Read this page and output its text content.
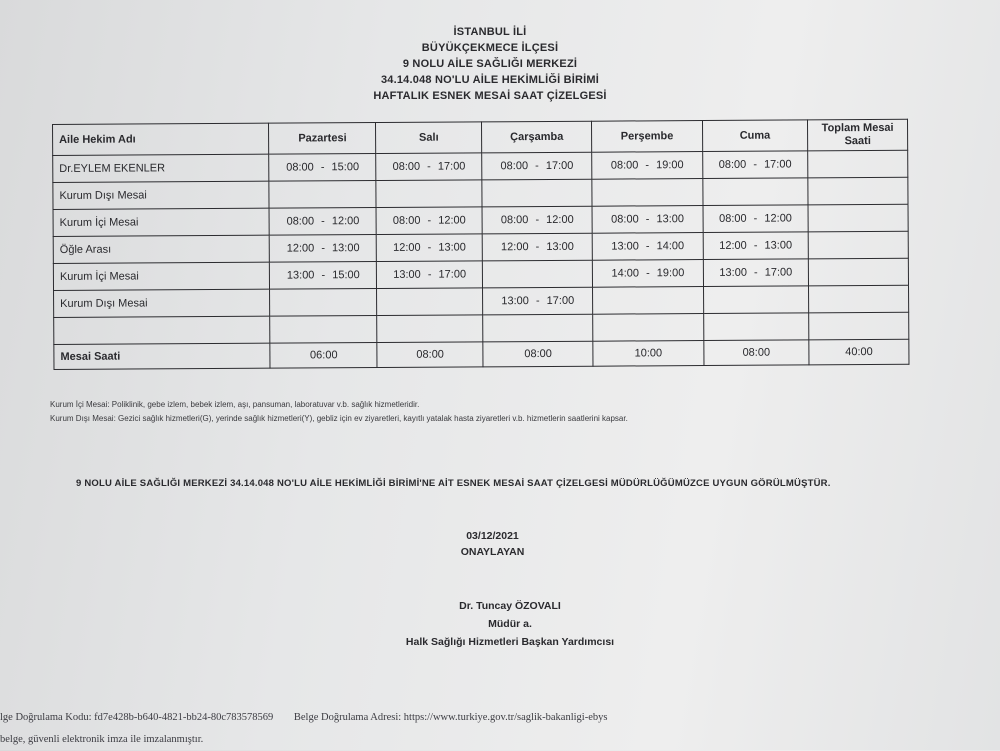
İSTANBUL İLİ
BÜYÜKÇEKMECE İLÇESİ
9 NOLU AİLE SAĞLIĞI MERKEZİ
34.14.048 NO'LU AİLE HEKİMLİĞİ BİRİMİ
HAFTALIK ESNEK MESAİ SAAT ÇİZELGESİ
Aile Hekim Adı	Pazartesi	Salı	Çarşamba	Perşembe	Cuma	Toplam Mesai Saati
Dr.EYLEM EKENLER	08:00 - 15:00	08:00 - 17:00	08:00 - 17:00	08:00 - 19:00	08:00 - 17:00	
Kurum Dışı Mesai						
Kurum İçi Mesai	08:00 - 12:00	08:00 - 12:00	08:00 - 12:00	08:00 - 13:00	08:00 - 12:00	
Öğle Arası	12:00 - 13:00	12:00 - 13:00	12:00 - 13:00	13:00 - 14:00	12:00 - 13:00	
Kurum İçi Mesai	13:00 - 15:00	13:00 - 17:00		14:00 - 19:00	13:00 - 17:00	
Kurum Dışı Mesai			13:00 - 17:00			

Mesai Saati	06:00	08:00	08:00	10:00	08:00	40:00
Kurum İçi Mesai: Poliklinik, gebe izlem, bebek izlem, aşı, pansuman, laboratuvar v.b. sağlık hizmetleridir.
Kurum Dışı Mesai: Gezici sağlık hizmetleri(G), yerinde sağlık hizmetleri(Y), gebliz için ev ziyaretleri, kayıtlı yatalak hasta ziyaretleri v.b. hizmetlerin saatlerini kapsar.
9 NOLU AİLE SAĞLIĞI MERKEZİ 34.14.048 NO'LU AİLE HEKİMLİĞİ BİRİMİ'NE AİT ESNEK MESAİ SAAT ÇİZELGESİ MÜDÜRLÜĞÜMÜZCE UYGUN GÖRÜLMÜŞTÜR.
03/12/2021
ONAYLAYAN
Dr. Tuncay ÖZOVALI
Müdür a.
Halk Sağlığı Hizmetleri Başkan Yardımcısı
lge Doğrulama Kodu: fd7e428b-b640-4821-bb24-80c783578569 Belge Doğrulama Adresi: https://www.turkiye.gov.tr/saglik-bakanligi-ebys
belge, güvenli elektronik imza ile imzalanmıştır.
